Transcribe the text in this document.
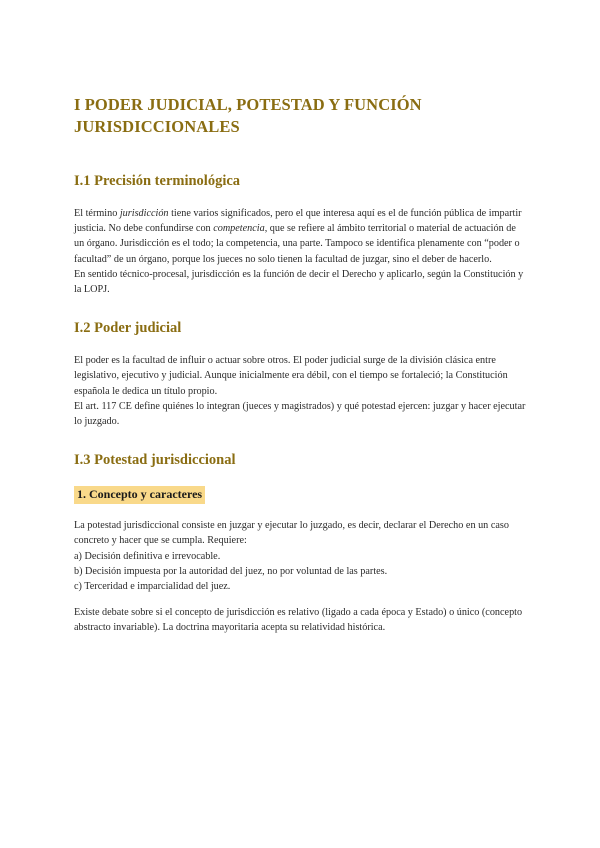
I PODER JUDICIAL, POTESTAD Y FUNCIÓN JURISDICCIONALES
I.1 Precisión terminológica

El término jurisdicción tiene varios significados, pero el que interesa aquí es el de función pública de impartir justicia. No debe confundirse con competencia, que se refiere al ámbito territorial o material de actuación de un órgano. Jurisdicción es el todo; la competencia, una parte. Tampoco se identifica plenamente con “poder o facultad” de un órgano, porque los jueces no solo tienen la facultad de juzgar, sino el deber de hacerlo.

En sentido técnico-procesal, jurisdicción es la función de decir el Derecho y aplicarlo, según la Constitución y la LOPJ.

I.2 Poder judicial

El poder es la facultad de influir o actuar sobre otros. El poder judicial surge de la división clásica entre legislativo, ejecutivo y judicial. Aunque inicialmente era débil, con el tiempo se fortaleció; la Constitución española le dedica un título propio.

El art. 117 CE define quiénes lo integran (jueces y magistrados) y qué potestad ejercen: juzgar y hacer ejecutar lo juzgado.

I.3 Potestad jurisdiccional
1. Concepto y caracteres

La potestad jurisdiccional consiste en juzgar y ejecutar lo juzgado, es decir, declarar el Derecho en un caso concreto y hacer que se cumpla. Requiere:

a) Decisión definitiva e irrevocable.

b) Decisión impuesta por la autoridad del juez, no por voluntad de las partes.

c) Terceridad e imparcialidad del juez.

Existe debate sobre si el concepto de jurisdicción es relativo (ligado a cada época y Estado) o único (concepto abstracto invariable). La doctrina mayoritaria acepta su relatividad histórica.
